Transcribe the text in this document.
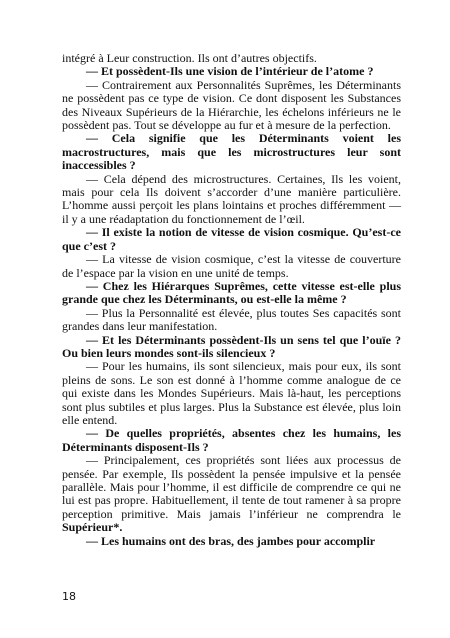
intégré à Leur construction. Ils ont d’autres objectifs.

— Et possèdent-Ils une vision de l’intérieur de l’atome ?

— Contrairement aux Personnalités Suprêmes, les Déterminants ne possèdent pas ce type de vision. Ce dont disposent les Substances des Niveaux Supérieurs de la Hiérarchie, les échelons inférieurs ne le possèdent pas. Tout se développe au fur et à mesure de la perfection.

— Cela signifie que les Déterminants voient les macrostructures, mais que les microstructures leur sont inaccessibles ?

— Cela dépend des microstructures. Certaines, Ils les voient, mais pour cela Ils doivent s’accorder d’une manière particulière. L’homme aussi perçoit les plans lointains et proches différemment — il y a une réadaptation du fonctionnement de l’œil.

— Il existe la notion de vitesse de vision cosmique. Qu’est-ce que c’est ?

— La vitesse de vision cosmique, c’est la vitesse de couverture de l’espace par la vision en une unité de temps.

— Chez les Hiérarques Suprêmes, cette vitesse est-elle plus grande que chez les Déterminants, ou est-elle la même ?

— Plus la Personnalité est élevée, plus toutes Ses capacités sont grandes dans leur manifestation.

— Et les Déterminants possèdent-Ils un sens tel que l’ouïe ? Ou bien leurs mondes sont-ils silencieux ?

— Pour les humains, ils sont silencieux, mais pour eux, ils sont pleins de sons. Le son est donné à l’homme comme analogue de ce qui existe dans les Mondes Supérieurs. Mais là-haut, les perceptions sont plus subtiles et plus larges. Plus la Substance est élevée, plus loin elle entend.

— De quelles propriétés, absentes chez les humains, les Déterminants disposent-Ils ?

— Principalement, ces propriétés sont liées aux processus de pensée. Par exemple, Ils possèdent la pensée impulsive et la pensée parallèle. Mais pour l’homme, il est difficile de comprendre ce qui ne lui est pas propre. Habituellement, il tente de tout ramener à sa propre perception primitive. Mais jamais l’inférieur ne comprendra le Supérieur*.

— Les humains ont des bras, des jambes pour accomplir

18
